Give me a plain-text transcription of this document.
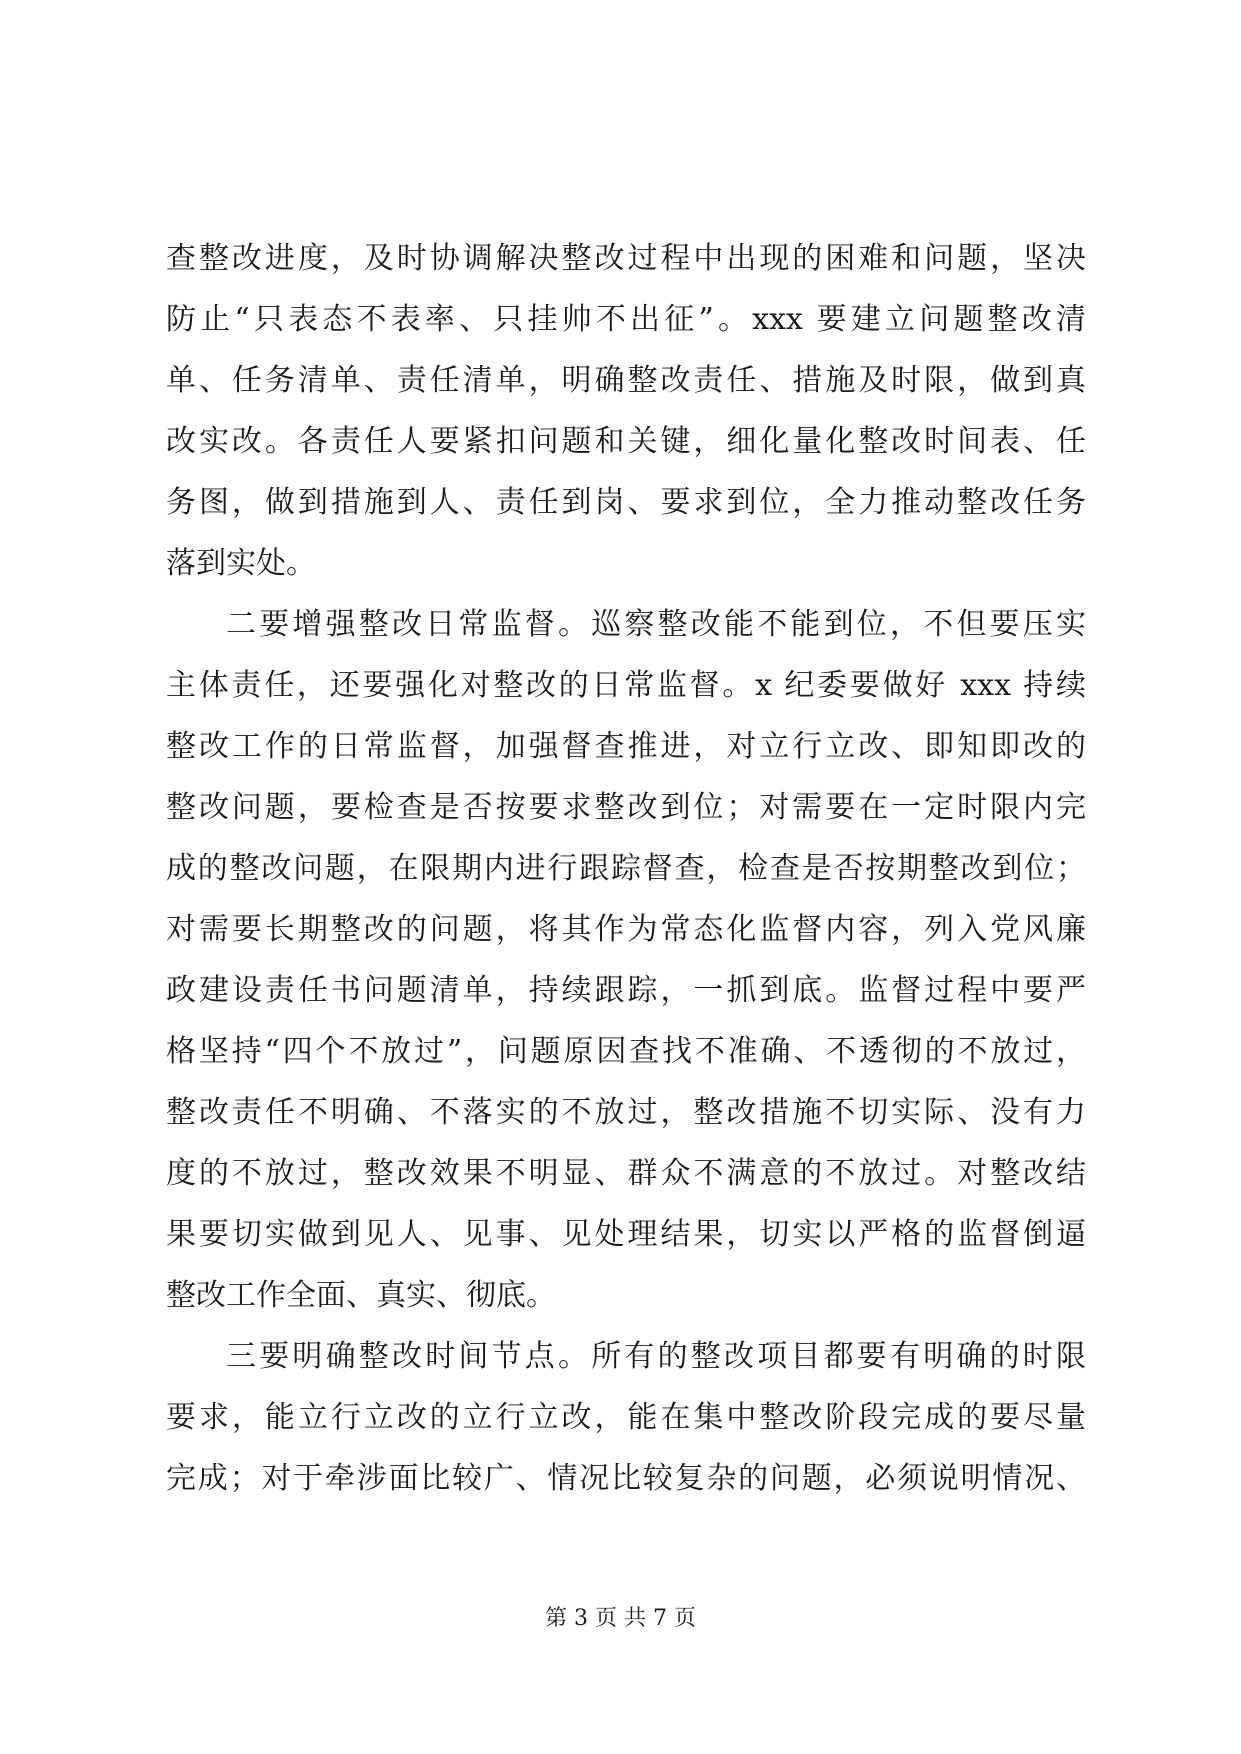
查整改进度，及时协调解决整改过程中出现的困难和问题，坚决
防止“只表态不表率、只挂帅不出征”。xxx 要建立问题整改清
单、任务清单、责任清单，明确整改责任、措施及时限，做到真
改实改。各责任人要紧扣问题和关键，细化量化整改时间表、任
务图，做到措施到人、责任到岗、要求到位，全力推动整改任务
落到实处。
二要增强整改日常监督。巡察整改能不能到位，不但要压实
主体责任，还要强化对整改的日常监督。x 纪委要做好 xxx 持续
整改工作的日常监督，加强督查推进，对立行立改、即知即改的
整改问题，要检查是否按要求整改到位；对需要在一定时限内完
成的整改问题，在限期内进行跟踪督查，检查是否按期整改到位；
对需要长期整改的问题，将其作为常态化监督内容，列入党风廉
政建设责任书问题清单，持续跟踪，一抓到底。监督过程中要严
格坚持“四个不放过”，问题原因查找不准确、不透彻的不放过，
整改责任不明确、不落实的不放过，整改措施不切实际、没有力
度的不放过，整改效果不明显、群众不满意的不放过。对整改结
果要切实做到见人、见事、见处理结果，切实以严格的监督倒逼
整改工作全面、真实、彻底。
三要明确整改时间节点。所有的整改项目都要有明确的时限
要求，能立行立改的立行立改，能在集中整改阶段完成的要尽量
完成；对于牵涉面比较广、情况比较复杂的问题，必须说明情况、
第 3 页 共 7 页
